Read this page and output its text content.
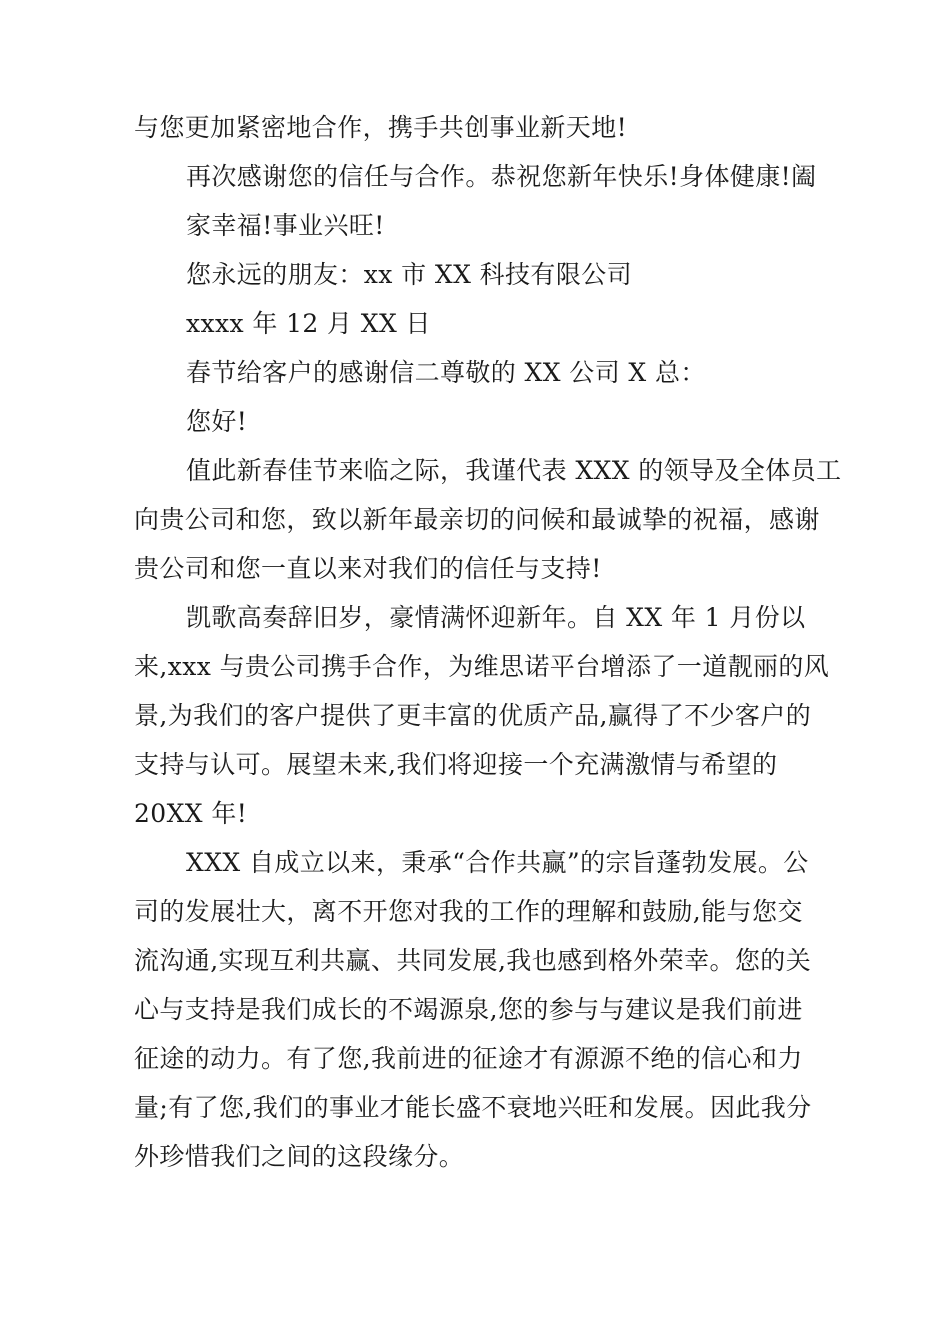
与您更加紧密地合作，携手共创事业新天地!
再次感谢您的信任与合作。恭祝您新年快乐!身体健康!阖
家幸福!事业兴旺!
您永远的朋友：xx 市 XX 科技有限公司
xxxx 年 12 月 XX 日
春节给客户的感谢信二尊敬的 XX 公司 X 总：
您好!
值此新春佳节来临之际，我谨代表 XXX 的领导及全体员工
向贵公司和您，致以新年最亲切的问候和最诚挚的祝福，感谢
贵公司和您一直以来对我们的信任与支持!
凯歌高奏辞旧岁，豪情满怀迎新年。自 XX 年 1 月份以
来,xxx 与贵公司携手合作，为维思诺平台增添了一道靓丽的风
景,为我们的客户提供了更丰富的优质产品,赢得了不少客户的
支持与认可。展望未来,我们将迎接一个充满激情与希望的
20XX 年!
XXX 自成立以来，秉承“合作共赢”的宗旨蓬勃发展。公
司的发展壮大，离不开您对我的工作的理解和鼓励,能与您交
流沟通,实现互利共赢、共同发展,我也感到格外荣幸。您的关
心与支持是我们成长的不竭源泉,您的参与与建议是我们前进
征途的动力。有了您,我前进的征途才有源源不绝的信心和力
量;有了您,我们的事业才能长盛不衰地兴旺和发展。因此我分
外珍惜我们之间的这段缘分。
